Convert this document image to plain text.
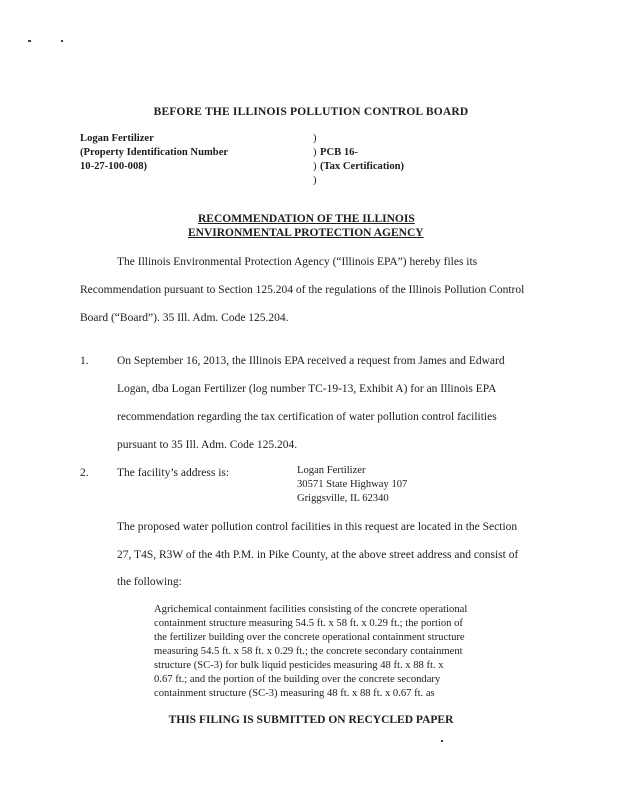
BEFORE THE ILLINOIS POLLUTION CONTROL BOARD
Logan Fertilizer
(Property Identification Number
10-27-100-008)
)
)
)
)
PCB 16-
(Tax Certification)
RECOMMENDATION OF THE ILLINOIS
ENVIRONMENTAL PROTECTION AGENCY
The Illinois Environmental Protection Agency (“Illinois EPA”) hereby files its
Recommendation pursuant to Section 125.204 of the regulations of the Illinois Pollution Control
Board (“Board”). 35 Ill. Adm. Code 125.204.
1. On September 16, 2013, the Illinois EPA received a request from James and Edward
Logan, dba Logan Fertilizer (log number TC-19-13, Exhibit A) for an Illinois EPA
recommendation regarding the tax certification of water pollution control facilities
pursuant to 35 Ill. Adm. Code 125.204.
2. The facility’s address is:	Logan Fertilizer
30571 State Highway 107
Griggsville, IL 62340
The proposed water pollution control facilities in this request are located in the Section
27, T4S, R3W of the 4th P.M. in Pike County, at the above street address and consist of
the following:
Agrichemical containment facilities consisting of the concrete operational
containment structure measuring 54.5 ft. x 58 ft. x 0.29 ft.; the portion of
the fertilizer building over the concrete operational containment structure
measuring 54.5 ft. x 58 ft. x 0.29 ft.; the concrete secondary containment
structure (SC-3) for bulk liquid pesticides measuring 48 ft. x 88 ft. x
0.67 ft.; and the portion of the building over the concrete secondary
containment structure (SC-3) measuring 48 ft. x 88 ft. x 0.67 ft. as
THIS FILING IS SUBMITTED ON RECYCLED PAPER
